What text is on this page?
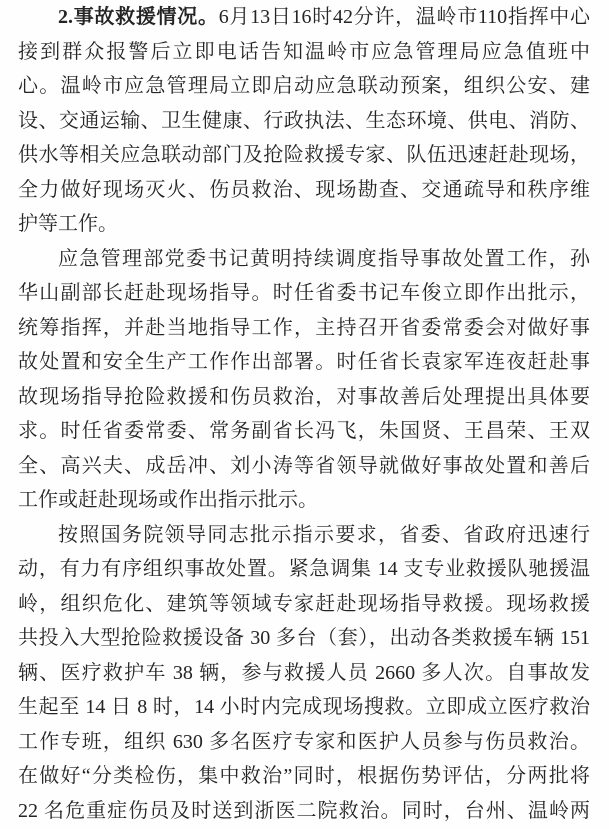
2.事故救援情况。6月13日16时42分许，温岭市110指挥中心
接到群众报警后立即电话告知温岭市应急管理局应急值班中
心。温岭市应急管理局立即启动应急联动预案，组织公安、建
设、交通运输、卫生健康、行政执法、生态环境、供电、消防、
供水等相关应急联动部门及抢险救援专家、队伍迅速赶赴现场，
全力做好现场灭火、伤员救治、现场勘查、交通疏导和秩序维
护等工作。
应急管理部党委书记黄明持续调度指导事故处置工作，孙
华山副部长赶赴现场指导。时任省委书记车俊立即作出批示，
统筹指挥，并赴当地指导工作，主持召开省委常委会对做好事
故处置和安全生产工作作出部署。时任省长袁家军连夜赶赴事
故现场指导抢险救援和伤员救治，对事故善后处理提出具体要
求。时任省委常委、常务副省长冯飞，朱国贤、王昌荣、王双
全、高兴夫、成岳冲、刘小涛等省领导就做好事故处置和善后
工作或赶赴现场或作出指示批示。
按照国务院领导同志批示指示要求，省委、省政府迅速行
动，有力有序组织事故处置。紧急调集 14 支专业救援队驰援温
岭，组织危化、建筑等领域专家赶赴现场指导救援。现场救援
共投入大型抢险救援设备 30 多台（套），出动各类救援车辆 151
辆、医疗救护车 38 辆，参与救援人员 2660 多人次。自事故发
生起至 14 日 8 时，14 小时内完成现场搜救。立即成立医疗救治
工作专班，组织 630 多名医疗专家和医护人员参与伤员救治。
在做好“分类检伤，集中救治”同时，根据伤势评估，分两批将
22 名危重症伤员及时送到浙医二院救治。同时，台州、温岭两
